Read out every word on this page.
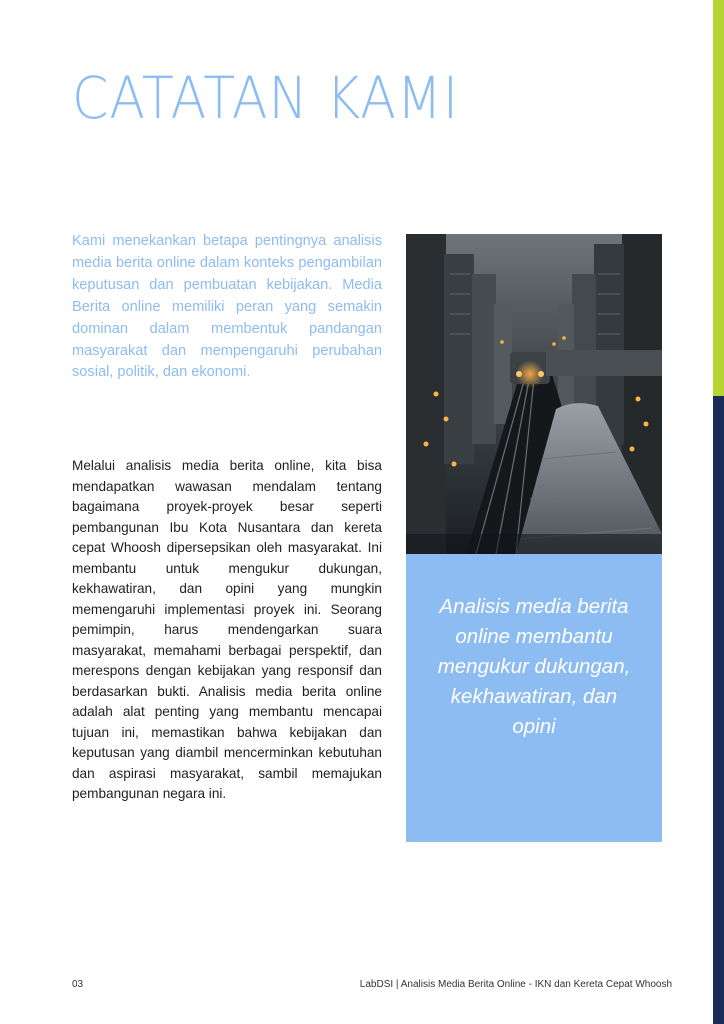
CATATAN KAMI

Kami menekankan betapa pentingnya analisis media berita online dalam konteks pengambilan keputusan dan pembuatan kebijakan. Media Berita online memiliki peran yang semakin dominan dalam membentuk pandangan masyarakat dan mempengaruhi perubahan sosial, politik, dan ekonomi.

Melalui analisis media berita online, kita bisa mendapatkan wawasan mendalam tentang bagaimana proyek-proyek besar seperti pembangunan Ibu Kota Nusantara dan kereta cepat Whoosh dipersepsikan oleh masyarakat. Ini membantu untuk mengukur dukungan, kekhawatiran, dan opini yang mungkin memengaruhi implementasi proyek ini. Seorang pemimpin, harus mendengarkan suara masyarakat, memahami berbagai perspektif, dan merespons dengan kebijakan yang responsif dan berdasarkan bukti. Analisis media berita online adalah alat penting yang membantu mencapai tujuan ini, memastikan bahwa kebijakan dan keputusan yang diambil mencerminkan kebutuhan dan aspirasi masyarakat, sambil memajukan pembangunan negara ini.

Analisis media berita online membantu mengukur dukungan, kekhawatiran, dan opini

03	LabDSI | Analisis Media Berita Online - IKN dan Kereta Cepat Whoosh
